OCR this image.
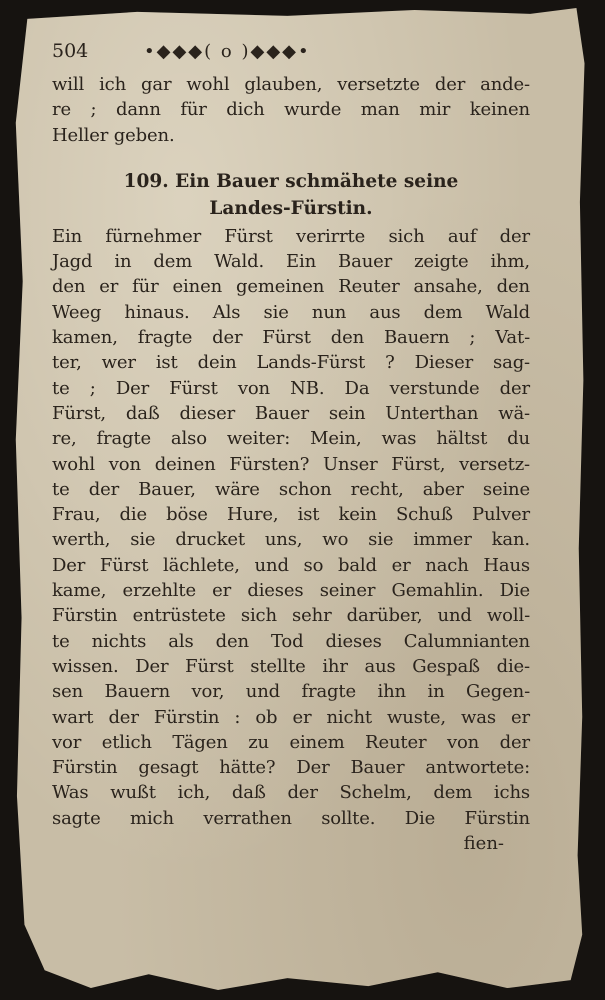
504	•◆◆◆( o )◆◆◆•
will ich gar wohl glauben, versetzte der ande-
re ; dann für dich wurde man mir keinen
Heller geben.
109. Ein Bauer schmähete seine
Landes-Fürstin.
Ein fürnehmer Fürst verirrte sich auf der
Jagd in dem Wald. Ein Bauer zeigte ihm,
den er für einen gemeinen Reuter ansahe, den
Weeg hinaus. Als sie nun aus dem Wald
kamen, fragte der Fürst den Bauern ; Vat-
ter, wer ist dein Lands-Fürst ? Dieser sag-
te ; Der Fürst von NB. Da verstunde der
Fürst, daß dieser Bauer sein Unterthan wä-
re, fragte also weiter: Mein, was hältst du
wohl von deinen Fürsten? Unser Fürst, versetz-
te der Bauer, wäre schon recht, aber seine
Frau, die böse Hure, ist kein Schuß Pulver
werth, sie drucket uns, wo sie immer kan.
Der Fürst lächlete, und so bald er nach Haus
kame, erzehlte er dieses seiner Gemahlin. Die
Fürstin entrüstete sich sehr darüber, und woll-
te nichts als den Tod dieses Calumnianten
wissen. Der Fürst stellte ihr aus Gespaß die-
sen Bauern vor, und fragte ihn in Gegen-
wart der Fürstin : ob er nicht wuste, was er
vor etlich Tägen zu einem Reuter von der
Fürstin gesagt hätte? Der Bauer antwortete:
Was wußt ich, daß der Schelm, dem ichs
sagte mich verrathen sollte. Die Fürstin
fien-
